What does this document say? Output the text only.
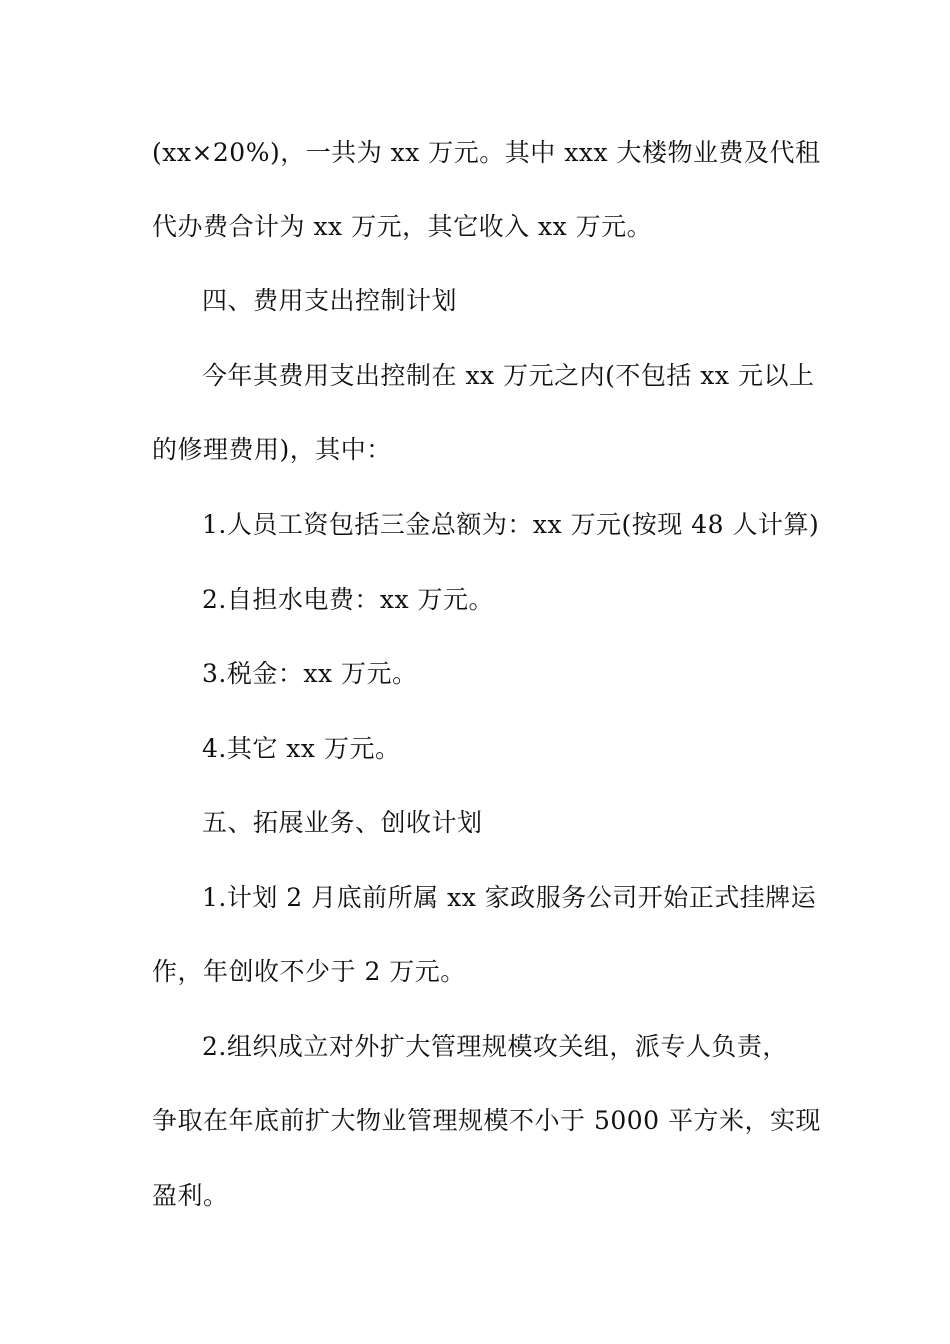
(xx×20%)，一共为 xx 万元。其中 xxx 大楼物业费及代租
代办费合计为 xx 万元，其它收入 xx 万元。
四、费用支出控制计划
今年其费用支出控制在 xx 万元之内(不包括 xx 元以上
的修理费用)，其中：
1.人员工资包括三金总额为：xx 万元(按现 48 人计算)
2.自担水电费：xx 万元。
3.税金：xx 万元。
4.其它 xx 万元。
五、拓展业务、创收计划
1.计划 2 月底前所属 xx 家政服务公司开始正式挂牌运
作，年创收不少于 2 万元。
2.组织成立对外扩大管理规模攻关组，派专人负责，
争取在年底前扩大物业管理规模不小于 5000 平方米，实现
盈利。
